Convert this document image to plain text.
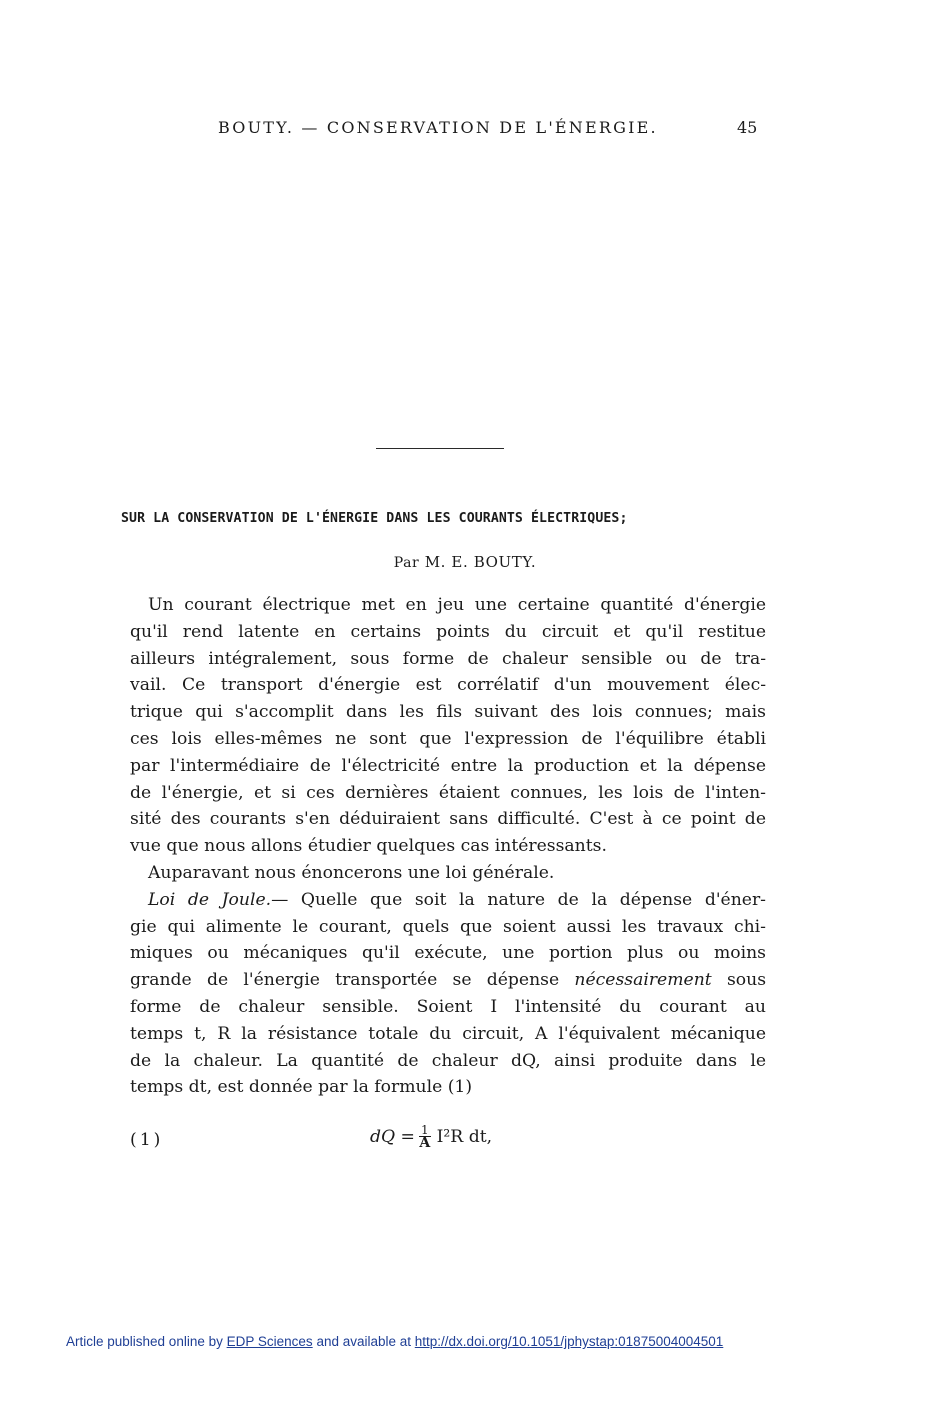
BOUTY. — CONSERVATION DE L'ÉNERGIE.	45
SUR LA CONSERVATION DE L'ÉNERGIE DANS LES COURANTS ÉLECTRIQUES;
Par M. E. BOUTY.
Un courant électrique met en jeu une certaine quantité d'énergie
qu'il rend latente en certains points du circuit et qu'il restitue
ailleurs intégralement, sous forme de chaleur sensible ou de tra-
vail. Ce transport d'énergie est corrélatif d'un mouvement élec-
trique qui s'accomplit dans les fils suivant des lois connues; mais
ces lois elles-mêmes ne sont que l'expression de l'équilibre établi
par l'intermédiaire de l'électricité entre la production et la dépense
de l'énergie, et si ces dernières étaient connues, les lois de l'inten-
sité des courants s'en déduiraient sans difficulté. C'est à ce point de
vue que nous allons étudier quelques cas intéressants.
Auparavant nous énoncerons une loi générale.
Loi de Joule.— Quelle que soit la nature de la dépense d'éner-
gie qui alimente le courant, quels que soient aussi les travaux chi-
miques ou mécaniques qu'il exécute, une portion plus ou moins
grande de l'énergie transportée se dépense nécessairement sous
forme de chaleur sensible. Soient I l'intensité du courant au
temps t, R la résistance totale du circuit, A l'équivalent mécanique
de la chaleur. La quantité de chaleur dQ, ainsi produite dans le
temps dt, est donnée par la formule (1)
(1)	dQ = $\frac{1}{A} I^2R$ dt,
Article published online by EDP Sciences and available at http://dx.doi.org/10.1051/jphystap:01875004004501
